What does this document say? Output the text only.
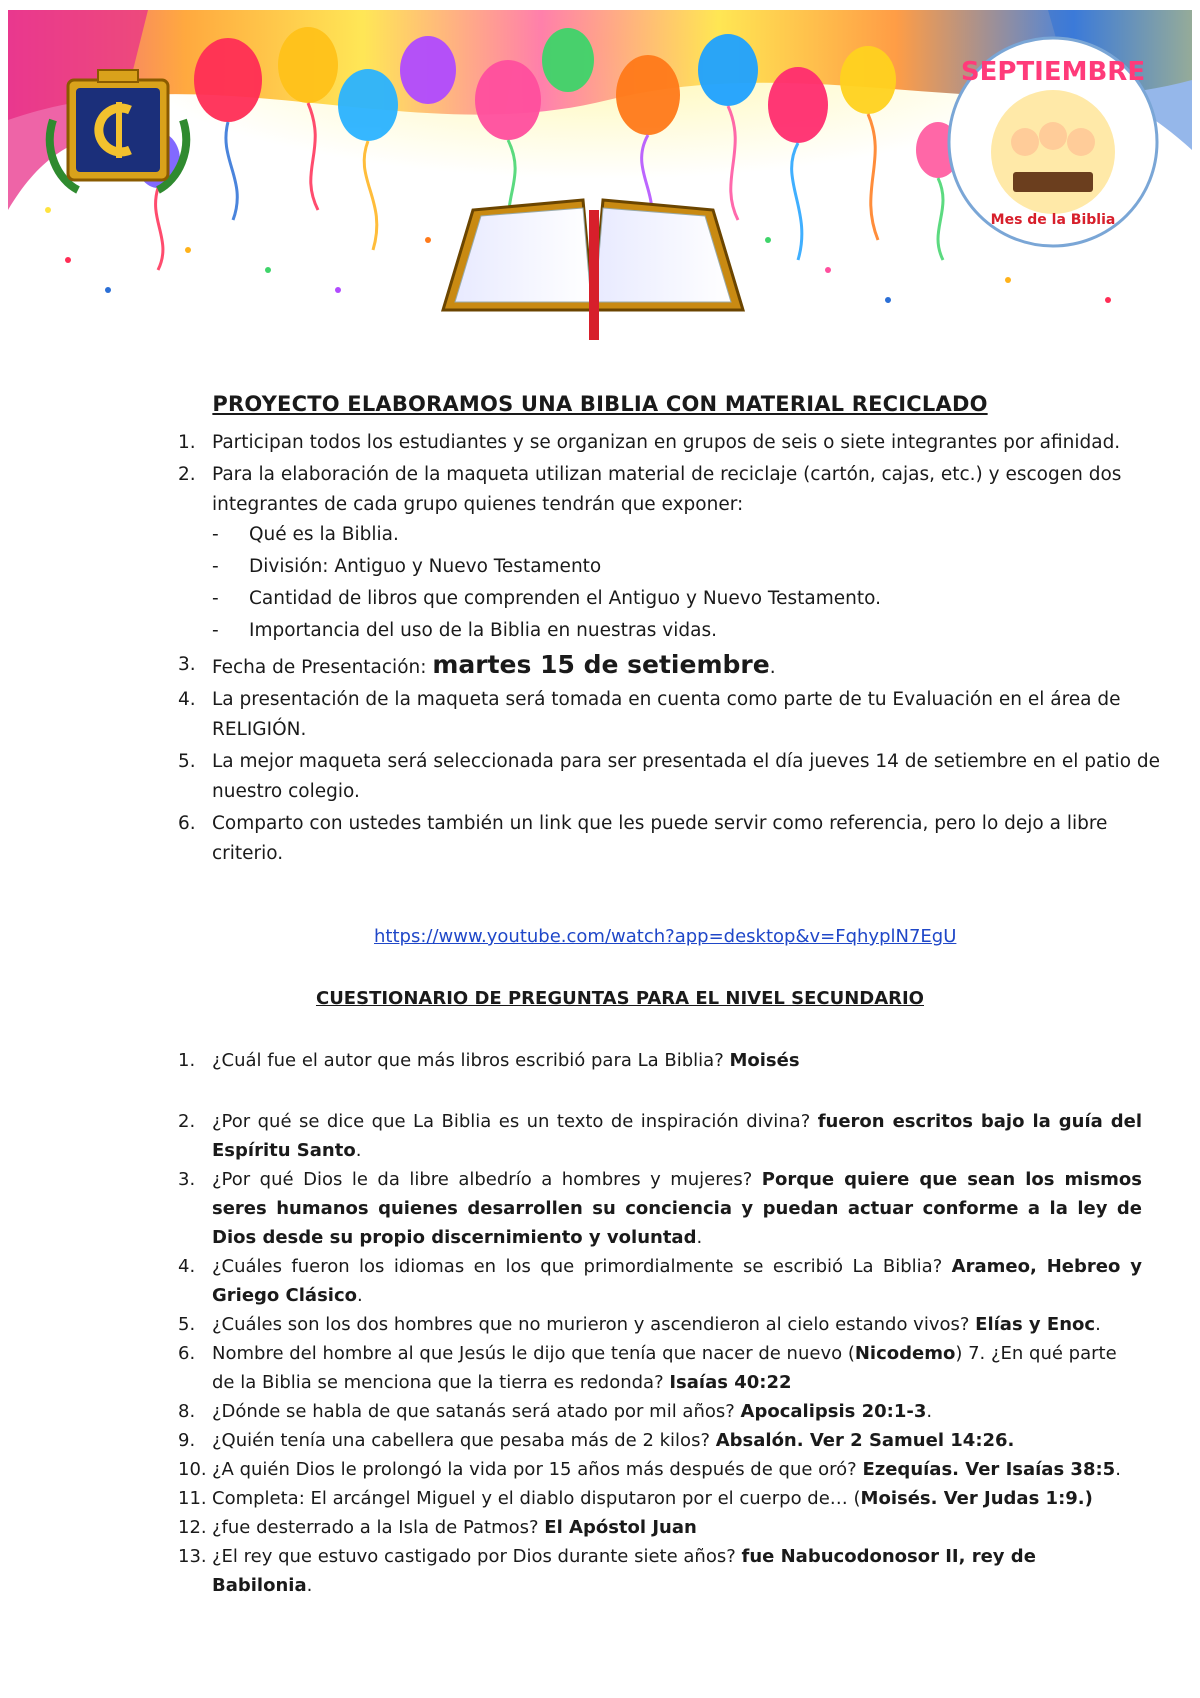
SEPTIEMBRE
Mes de la Biblia
PROYECTO ELABORAMOS UNA BIBLIA CON MATERIAL RECICLADO
1. Participan todos los estudiantes y se organizan en grupos de seis o siete integrantes por afinidad.
2. Para la elaboración de la maqueta utilizan material de reciclaje (cartón, cajas, etc.) y escogen dos integrantes de cada grupo quienes tendrán que exponer:
- Qué es la Biblia.
- División: Antiguo y Nuevo Testamento
- Cantidad de libros que comprenden el Antiguo y Nuevo Testamento.
- Importancia del uso de la Biblia en nuestras vidas.
3. Fecha de Presentación: martes 15 de setiembre.
4. La presentación de la maqueta será tomada en cuenta como parte de tu Evaluación en el área de RELIGIÓN.
5. La mejor maqueta será seleccionada para ser presentada el día jueves 14 de setiembre en el patio de nuestro colegio.
6. Comparto con ustedes también un link que les puede servir como referencia, pero lo dejo a libre criterio.
https://www.youtube.com/watch?app=desktop&v=FqhyplN7EgU
CUESTIONARIO DE PREGUNTAS PARA EL NIVEL SECUNDARIO
1. ¿Cuál fue el autor que más libros escribió para La Biblia? Moisés
2. ¿Por qué se dice que La Biblia es un texto de inspiración divina? fueron escritos bajo la guía del Espíritu Santo.
3. ¿Por qué Dios le da libre albedrío a hombres y mujeres? Porque quiere que sean los mismos seres humanos quienes desarrollen su conciencia y puedan actuar conforme a la ley de Dios desde su propio discernimiento y voluntad.
4. ¿Cuáles fueron los idiomas en los que primordialmente se escribió La Biblia? Arameo, Hebreo y Griego Clásico.
5. ¿Cuáles son los dos hombres que no murieron y ascendieron al cielo estando vivos? Elías y Enoc.
6. Nombre del hombre al que Jesús le dijo que tenía que nacer de nuevo (Nicodemo) 7. ¿En qué parte de la Biblia se menciona que la tierra es redonda? Isaías 40:22
8. ¿Dónde se habla de que satanás será atado por mil años? Apocalipsis 20:1-3.
9. ¿Quién tenía una cabellera que pesaba más de 2 kilos? Absalón. Ver 2 Samuel 14:26.
10. ¿A quién Dios le prolongó la vida por 15 años más después de que oró? Ezequías. Ver Isaías 38:5.
11. Completa: El arcángel Miguel y el diablo disputaron por el cuerpo de… (Moisés. Ver Judas 1:9.)
12. ¿fue desterrado a la Isla de Patmos? El Apóstol Juan
13. ¿El rey que estuvo castigado por Dios durante siete años? fue Nabucodonosor II, rey de Babilonia.
